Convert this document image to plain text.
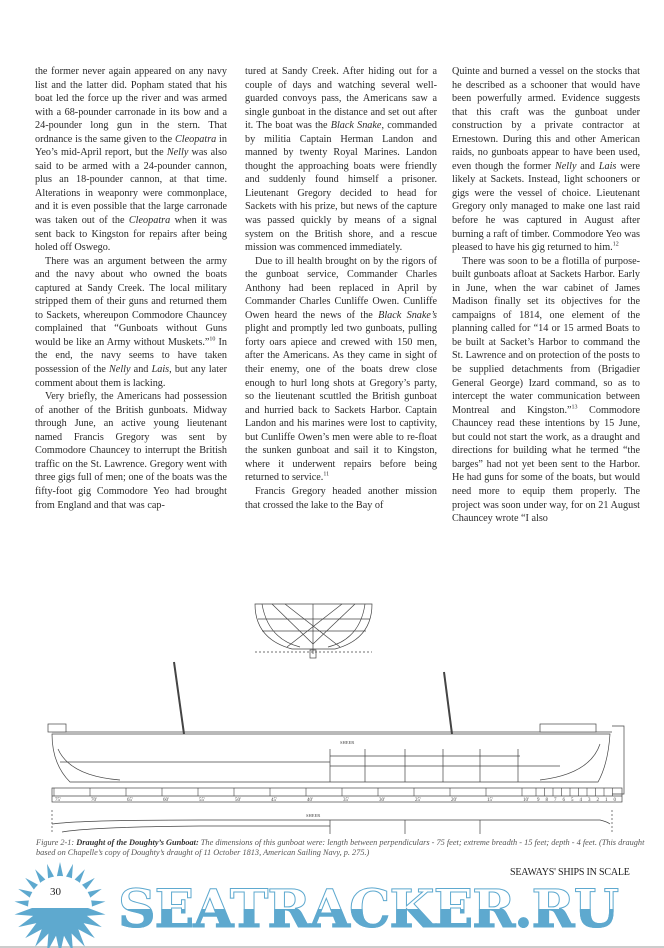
the former never again appeared on any navy list and the latter did. Popham stated that his boat led the force up the river and was armed with a 68-pounder carronade in its bow and a 24-pounder long gun in the stern. That ordnance is the same given to the Cleopatra in Yeo’s mid-April report, but the Nelly was also said to be armed with a 24-pounder cannon, plus an 18-pounder cannon, at that time. Alterations in weaponry were commonplace, and it is even possible that the large carronade was taken out of the Cleopatra when it was sent back to Kingston for repairs after being holed off Oswego.

There was an argument between the army and the navy about who owned the boats captured at Sandy Creek. The local military stripped them of their guns and returned them to Sackets, whereupon Commodore Chauncey complained that “Gunboats without Guns would be like an Army without Muskets.”$^{10}$ In the end, the navy seems to have taken possession of the Nelly and Lais, but any later comment about them is lacking.

Very briefly, the Americans had possession of another of the British gunboats. Midway through June, an active young lieutenant named Francis Gregory was sent by Commodore Chauncey to interrupt the British traffic on the St. Lawrence. Gregory went with three gigs full of men; one of the boats was the fifty-foot gig Commodore Yeo had brought from England and that was cap-

tured at Sandy Creek. After hiding out for a couple of days and watching several well-guarded convoys pass, the Americans saw a single gunboat in the distance and set out after it. The boat was the Black Snake, commanded by militia Captain Herman Landon and manned by twenty Royal Marines. Landon thought the approaching boats were friendly and suddenly found himself a prisoner. Lieutenant Gregory decided to head for Sackets with his prize, but news of the capture was passed quickly by means of a signal system on the British shore, and a rescue mission was commenced immediately.

Due to ill health brought on by the rigors of the gunboat service, Commander Charles Anthony had been replaced in April by Commander Charles Cunliffe Owen. Cunliffe Owen heard the news of the Black Snake’s plight and promptly led two gunboats, pulling forty oars apiece and crewed with 150 men, after the Americans. As they came in sight of their enemy, one of the boats drew close enough to hurl long shots at Gregory’s party, so the lieutenant scuttled the British gunboat and hurried back to Sackets Harbor. Captain Landon and his marines were lost to captivity, but Cunliffe Owen’s men were able to re-float the sunken gunboat and sail it to Kingston, where it underwent repairs before being returned to service.$^{11}$

Francis Gregory headed another mission that crossed the lake to the Bay of

Quinte and burned a vessel on the stocks that he described as a schooner that would have been powerfully armed. Evidence suggests that this craft was the gunboat under construction by a private contractor at Ernestown. During this and other American raids, no gunboats appear to have been used, even though the former Nelly and Lais were likely at Sackets. Instead, light schooners or gigs were the vessel of choice. Lieutenant Gregory only managed to make one last raid before he was captured in August after burning a raft of timber. Commodore Yeo was pleased to have his gig returned to him.$^{12}$

There was soon to be a flotilla of purpose-built gunboats afloat at Sackets Harbor. Early in June, when the war cabinet of James Madison finally set its objectives for the campaigns of 1814, one element of the planning called for “14 or 15 armed Boats to be built at Sacket’s Harbor to command the St. Lawrence and on protection of the posts to be supplied detachments from (Brigadier General George) Izard command, so as to intercept the water communication between Montreal and Kingston.”$^{13}$ Commodore Chauncey read these intentions by 15 June, but could not start the work, as a draught and directions for building what he termed “the barges” had not yet been sent to the Harbor. He had guns for some of the boats, but would need more to equip them properly. The project was soon under way, for on 21 August Chauncey wrote “I also

75'	70'	65'	60'	55'	50'	45'	40'	35'	30'	25'	20'	15'	10' 9 8 7 6 5 4 3 2 1 0
SHEER
SHEER
Figure 2-1: Draught of the Doughty’s Gunboat: The dimensions of this gunboat were: length between perpendiculars - 75 feet; extreme breadth - 15 feet; depth - 4 feet. (This draught based on Chapelle’s copy of Doughty’s draught of 11 October 1813, American Sailing Navy, p. 275.)
SEATRACKER.RU
30
SEAWAYS' SHIPS IN SCALE
